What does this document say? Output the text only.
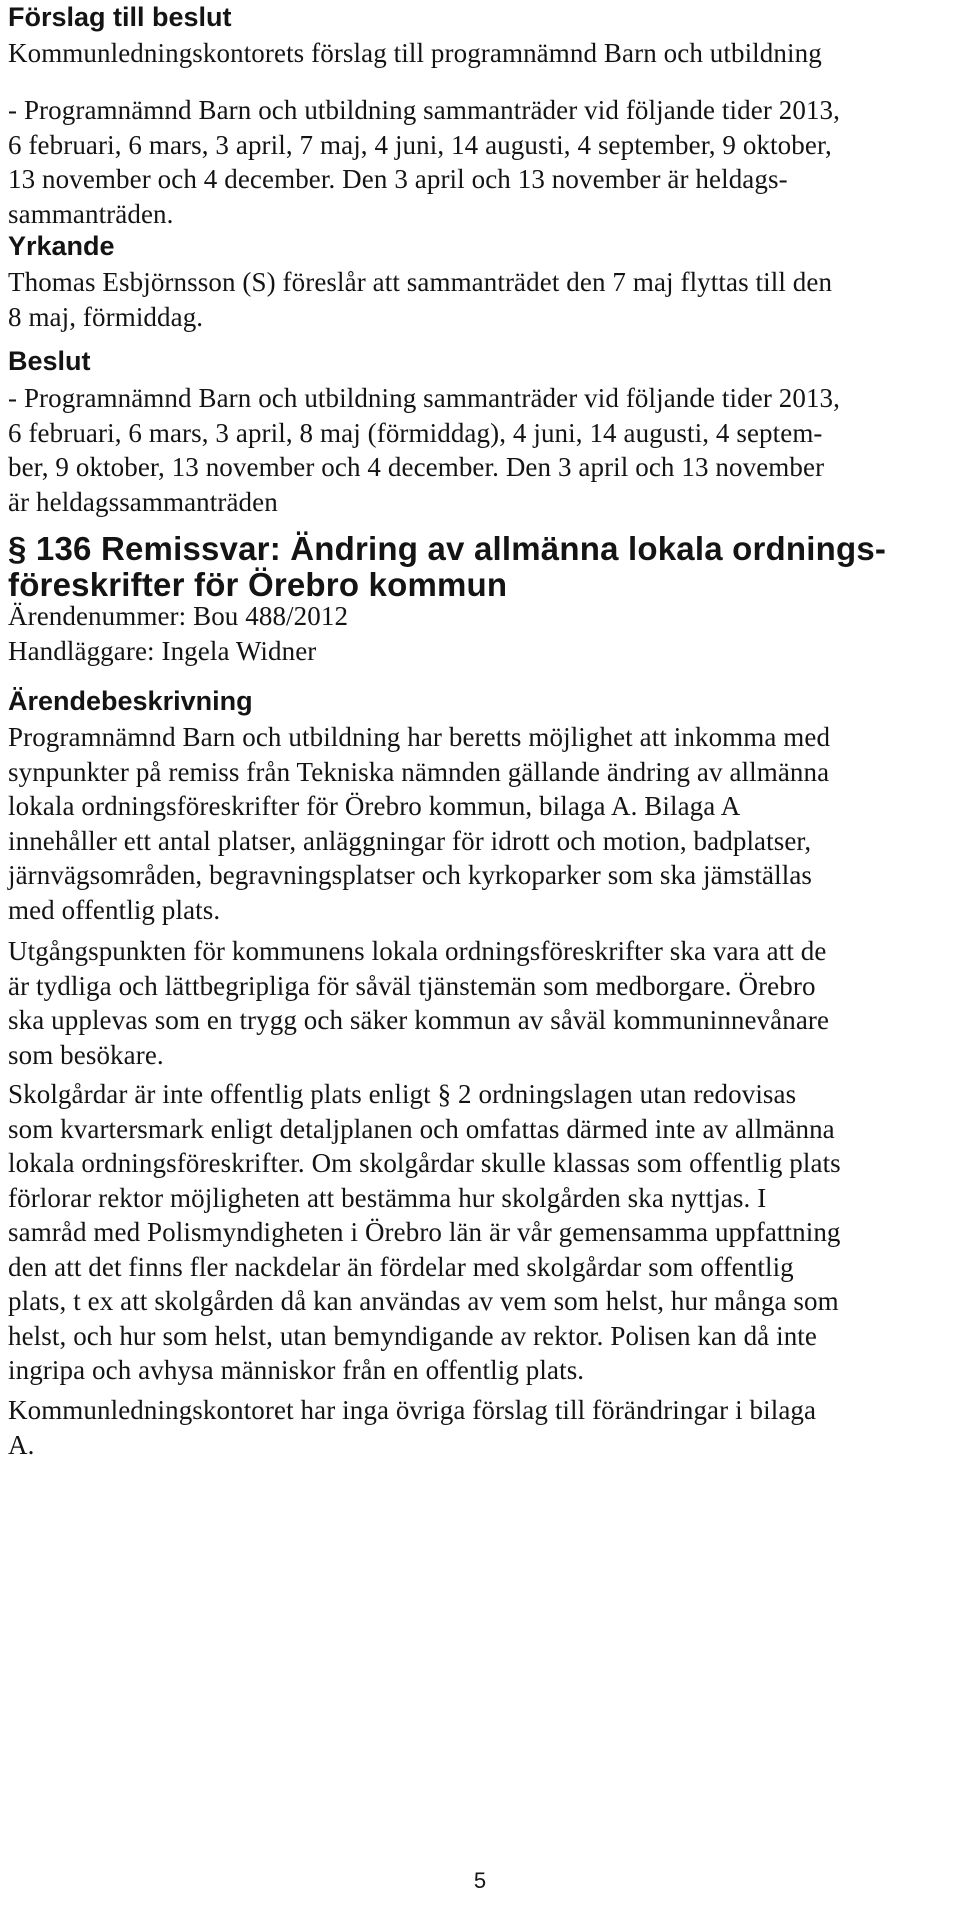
Förslag till beslut
Kommunledningskontorets förslag till programnämnd Barn och utbildning
- Programnämnd Barn och utbildning sammanträder vid följande tider 2013,
6 februari, 6 mars, 3 april, 7 maj, 4 juni, 14 augusti, 4 september, 9 oktober,
13 november och 4 december. Den 3 april och 13 november är heldags-
sammanträden.
Yrkande
Thomas Esbjörnsson (S) föreslår att sammanträdet den 7 maj flyttas till den
8 maj, förmiddag.
Beslut
- Programnämnd Barn och utbildning sammanträder vid följande tider 2013,
6 februari, 6 mars, 3 april, 8 maj (förmiddag), 4 juni, 14 augusti, 4 septem-
ber, 9 oktober, 13 november och 4 december. Den 3 april och 13 november
är heldagssammanträden
§ 136 Remissvar: Ändring av allmänna lokala ordnings-
föreskrifter för Örebro kommun
Ärendenummer: Bou 488/2012
Handläggare: Ingela Widner
Ärendebeskrivning
Programnämnd Barn och utbildning har beretts möjlighet att inkomma med
synpunkter på remiss från Tekniska nämnden gällande ändring av allmänna
lokala ordningsföreskrifter för Örebro kommun, bilaga A. Bilaga A
innehåller ett antal platser, anläggningar för idrott och motion, badplatser,
järnvägsområden, begravningsplatser och kyrkoparker som ska jämställas
med offentlig plats.
Utgångspunkten för kommunens lokala ordningsföreskrifter ska vara att de
är tydliga och lättbegripliga för såväl tjänstemän som medborgare. Örebro
ska upplevas som en trygg och säker kommun av såväl kommuninnevånare
som besökare.
Skolgårdar är inte offentlig plats enligt § 2 ordningslagen utan redovisas
som kvartersmark enligt detaljplanen och omfattas därmed inte av allmänna
lokala ordningsföreskrifter. Om skolgårdar skulle klassas som offentlig plats
förlorar rektor möjligheten att bestämma hur skolgården ska nyttjas. I
samråd med Polismyndigheten i Örebro län är vår gemensamma uppfattning
den att det finns fler nackdelar än fördelar med skolgårdar som offentlig
plats, t ex att skolgården då kan användas av vem som helst, hur många som
helst, och hur som helst, utan bemyndigande av rektor. Polisen kan då inte
ingripa och avhysa människor från en offentlig plats.
Kommunledningskontoret har inga övriga förslag till förändringar i bilaga
A.
5
